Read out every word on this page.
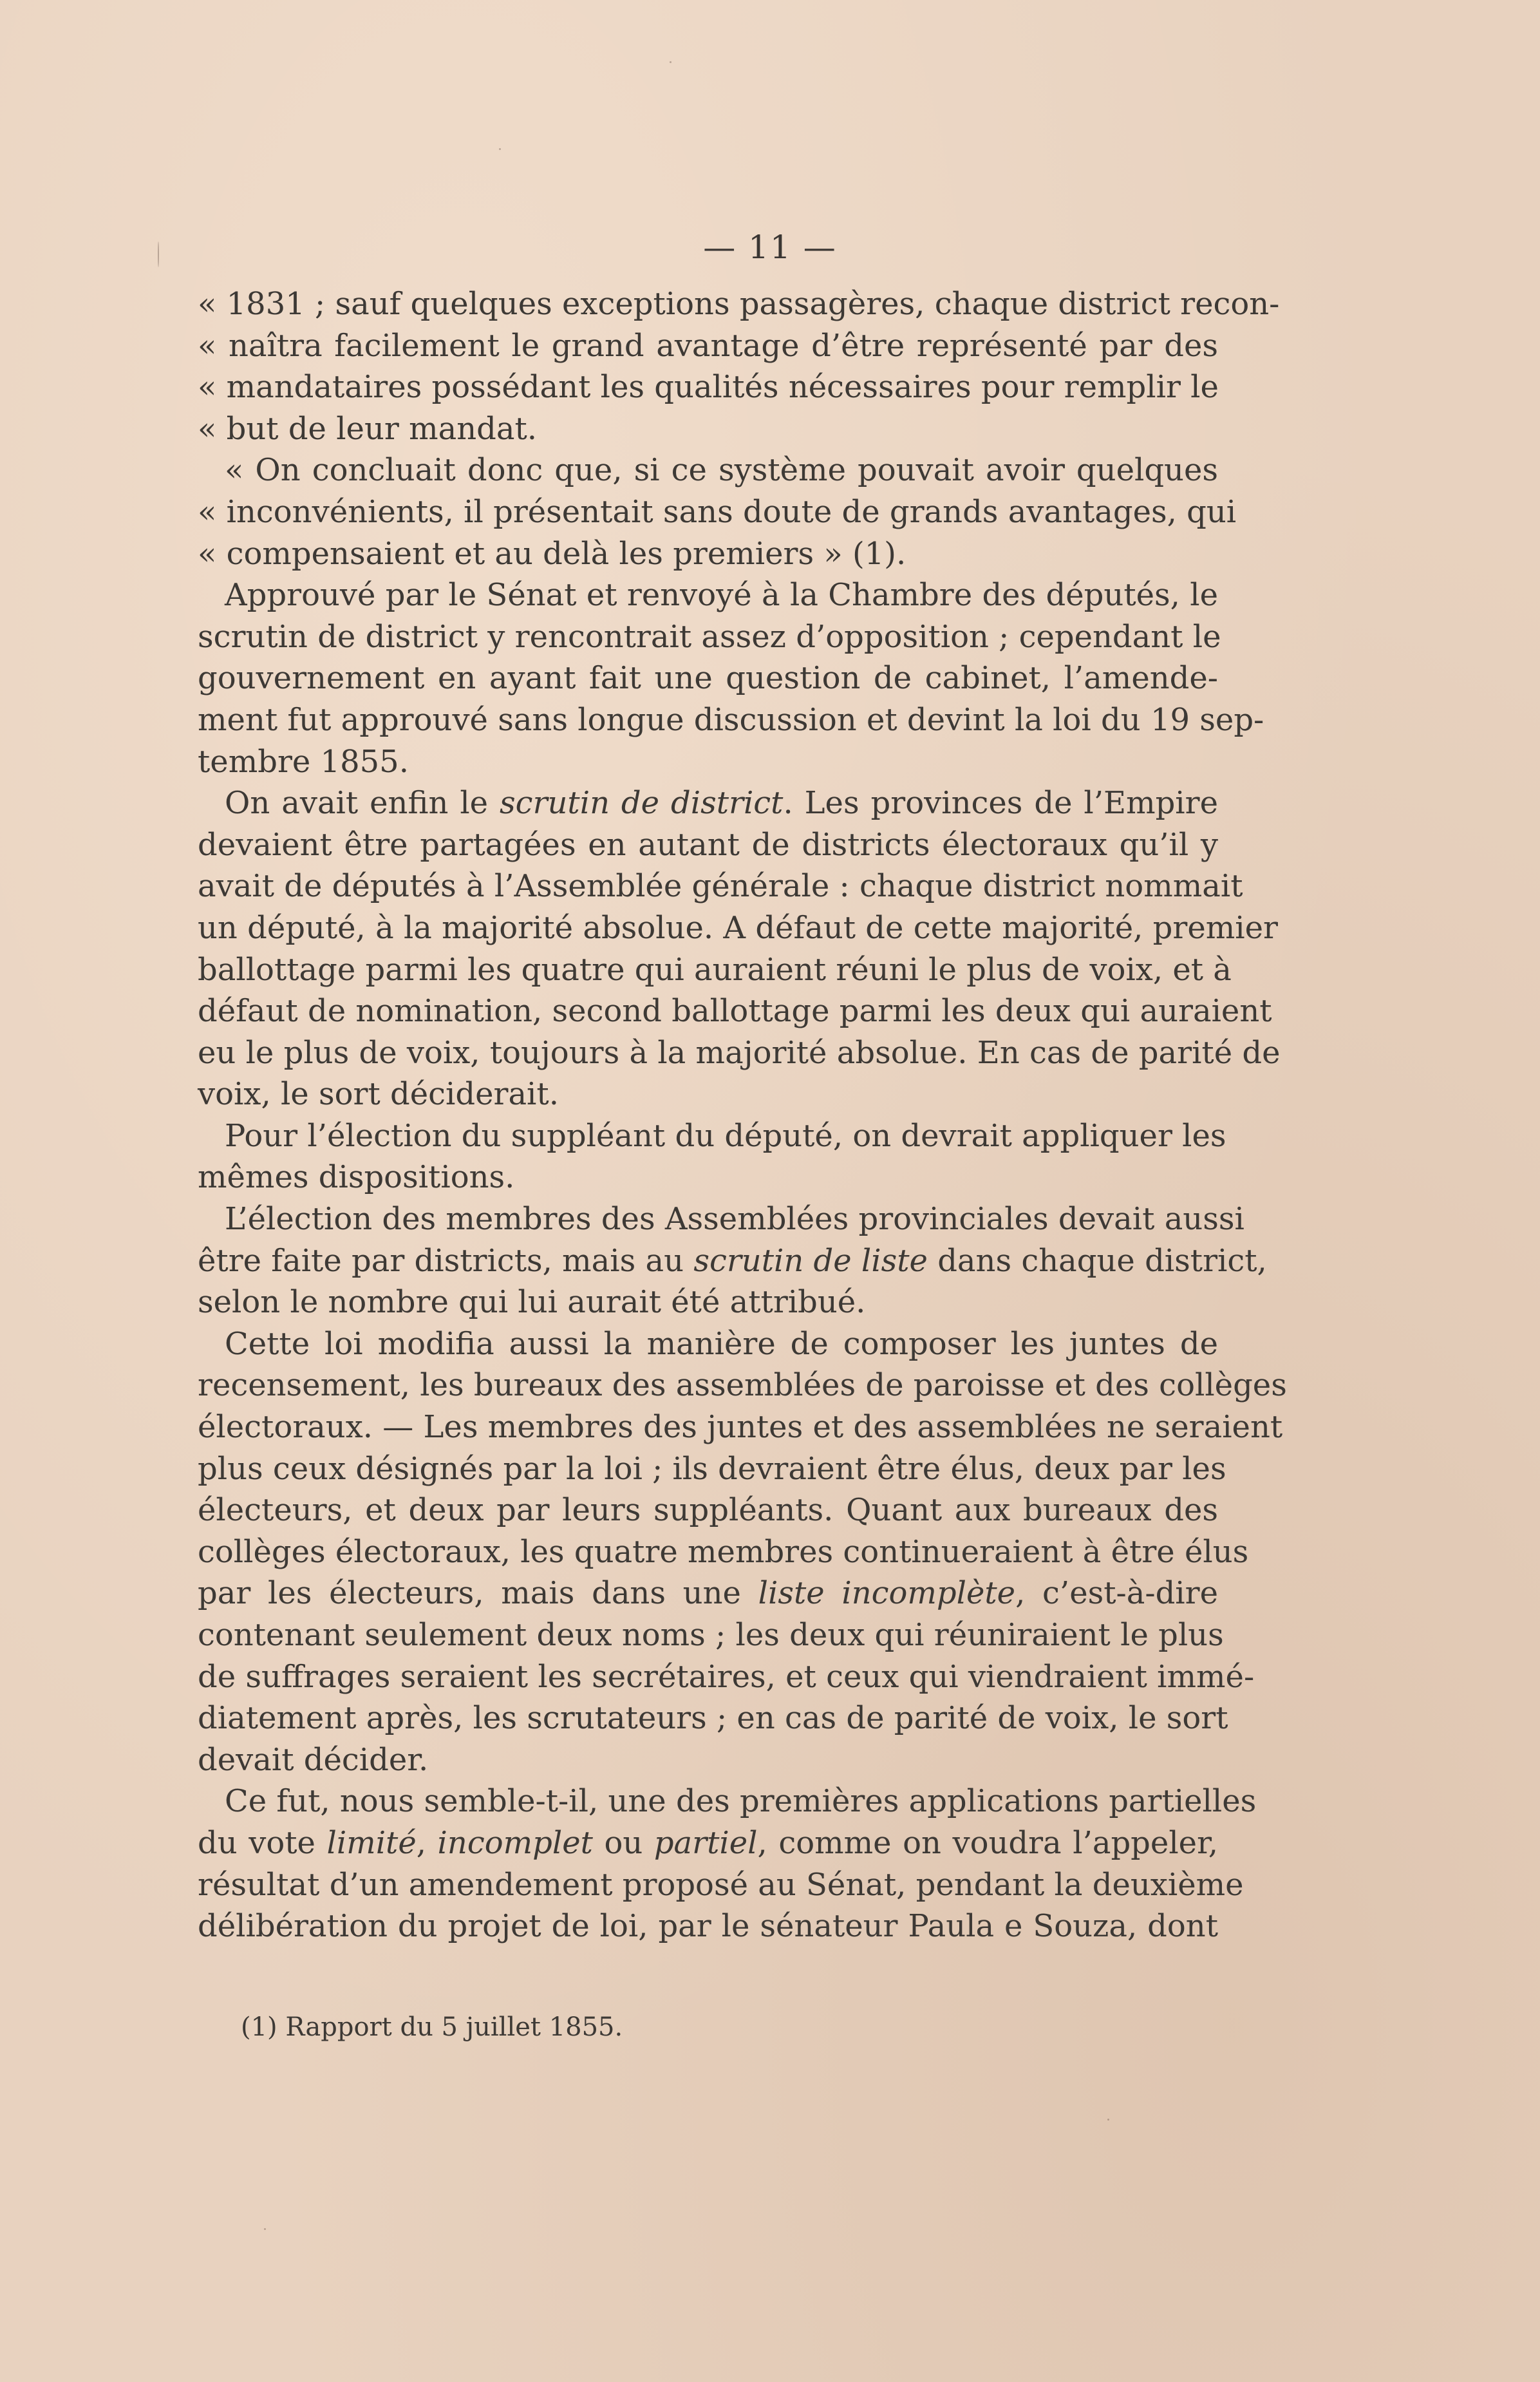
— 11 —
« 1831 ; sauf quelques exceptions passagères, chaque district recon-
« naîtra facilement le grand avantage d’être représenté par des
« mandataires possédant les qualités nécessaires pour remplir le
« but de leur mandat.
« On concluait donc que, si ce système pouvait avoir quelques
« inconvénients, il présentait sans doute de grands avantages, qui
« compensaient et au delà les premiers » (1).
Approuvé par le Sénat et renvoyé à la Chambre des députés, le
scrutin de district y rencontrait assez d’opposition ; cependant le
gouvernement en ayant fait une question de cabinet, l’amende-
ment fut approuvé sans longue discussion et devint la loi du 19 sep-
tembre 1855.
On avait enfin le scrutin de district. Les provinces de l’Empire
devaient être partagées en autant de districts électoraux qu’il y
avait de députés à l’Assemblée générale : chaque district nommait
un député, à la majorité absolue. A défaut de cette majorité, premier
ballottage parmi les quatre qui auraient réuni le plus de voix, et à
défaut de nomination, second ballottage parmi les deux qui auraient
eu le plus de voix, toujours à la majorité absolue. En cas de parité de
voix, le sort déciderait.
Pour l’élection du suppléant du député, on devrait appliquer les
mêmes dispositions.
L’élection des membres des Assemblées provinciales devait aussi
être faite par districts, mais au scrutin de liste dans chaque district,
selon le nombre qui lui aurait été attribué.
Cette loi modifia aussi la manière de composer les juntes de
recensement, les bureaux des assemblées de paroisse et des collèges
électoraux. — Les membres des juntes et des assemblées ne seraient
plus ceux désignés par la loi ; ils devraient être élus, deux par les
électeurs, et deux par leurs suppléants. Quant aux bureaux des
collèges électoraux, les quatre membres continueraient à être élus
par les électeurs, mais dans une liste incomplète, c’est-à-dire
contenant seulement deux noms ; les deux qui réuniraient le plus
de suffrages seraient les secrétaires, et ceux qui viendraient immé-
diatement après, les scrutateurs ; en cas de parité de voix, le sort
devait décider.
Ce fut, nous semble-t-il, une des premières applications partielles
du vote limité, incomplet ou partiel, comme on voudra l’appeler,
résultat d’un amendement proposé au Sénat, pendant la deuxième
délibération du projet de loi, par le sénateur Paula e Souza, dont
(1) Rapport du 5 juillet 1855.
